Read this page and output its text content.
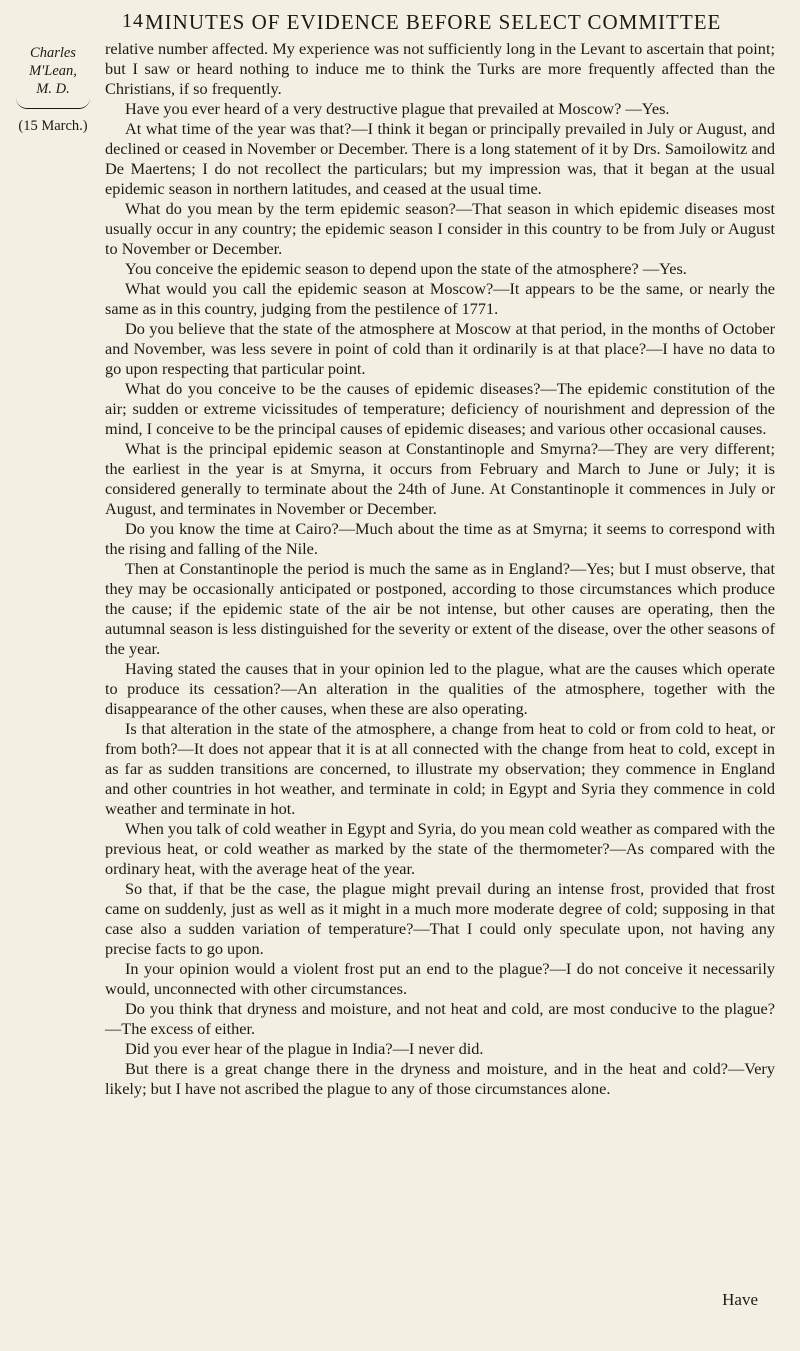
14 MINUTES OF EVIDENCE BEFORE SELECT COMMITTEE
Charles M'Lean,
M. D.
(15 March.)

relative number affected. My experience was not sufficiently long in the Levant to ascertain that point; but I saw or heard nothing to induce me to think the Turks are more frequently affected than the Christians, if so frequently.

Have you ever heard of a very destructive plague that prevailed at Moscow? —Yes.

At what time of the year was that?—I think it began or principally prevailed in July or August, and declined or ceased in November or December. There is a long statement of it by Drs. Samoilowitz and De Maertens; I do not recollect the particulars; but my impression was, that it began at the usual epidemic season in northern latitudes, and ceased at the usual time.

What do you mean by the term epidemic season?—That season in which epidemic diseases most usually occur in any country; the epidemic season I consider in this country to be from July or August to November or December.

You conceive the epidemic season to depend upon the state of the atmosphere? —Yes.

What would you call the epidemic season at Moscow?—It appears to be the same, or nearly the same as in this country, judging from the pestilence of 1771.

Do you believe that the state of the atmosphere at Moscow at that period, in the months of October and November, was less severe in point of cold than it ordinarily is at that place?—I have no data to go upon respecting that particular point.

What do you conceive to be the causes of epidemic diseases?—The epidemic constitution of the air; sudden or extreme vicissitudes of temperature; deficiency of nourishment and depression of the mind, I conceive to be the principal causes of epidemic diseases; and various other occasional causes.

What is the principal epidemic season at Constantinople and Smyrna?—They are very different; the earliest in the year is at Smyrna, it occurs from February and March to June or July; it is considered generally to terminate about the 24th of June. At Constantinople it commences in July or August, and terminates in November or December.

Do you know the time at Cairo?—Much about the time as at Smyrna; it seems to correspond with the rising and falling of the Nile.

Then at Constantinople the period is much the same as in England?—Yes; but I must observe, that they may be occasionally anticipated or postponed, according to those circumstances which produce the cause; if the epidemic state of the air be not intense, but other causes are operating, then the autumnal season is less distinguished for the severity or extent of the disease, over the other seasons of the year.

Having stated the causes that in your opinion led to the plague, what are the causes which operate to produce its cessation?—An alteration in the qualities of the atmosphere, together with the disappearance of the other causes, when these are also operating.

Is that alteration in the state of the atmosphere, a change from heat to cold or from cold to heat, or from both?—It does not appear that it is at all connected with the change from heat to cold, except in as far as sudden transitions are concerned, to illustrate my observation; they commence in England and other countries in hot weather, and terminate in cold; in Egypt and Syria they commence in cold weather and terminate in hot.

When you talk of cold weather in Egypt and Syria, do you mean cold weather as compared with the previous heat, or cold weather as marked by the state of the thermometer?—As compared with the ordinary heat, with the average heat of the year.

So that, if that be the case, the plague might prevail during an intense frost, provided that frost came on suddenly, just as well as it might in a much more moderate degree of cold; supposing in that case also a sudden variation of temperature?—That I could only speculate upon, not having any precise facts to go upon.

In your opinion would a violent frost put an end to the plague?—I do not conceive it necessarily would, unconnected with other circumstances.

Do you think that dryness and moisture, and not heat and cold, are most conducive to the plague?—The excess of either.

Did you ever hear of the plague in India?—I never did.

But there is a great change there in the dryness and moisture, and in the heat and cold?—Very likely; but I have not ascribed the plague to any of those circumstances alone.

Have
